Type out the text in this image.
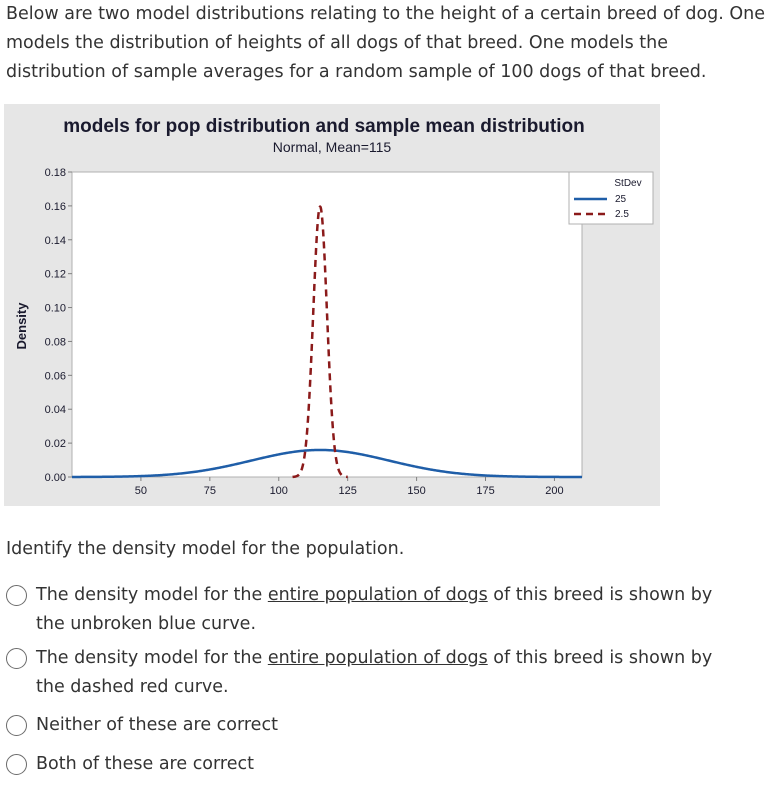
Below are two model distributions relating to the height of a certain breed of dog. One models the distribution of heights of all dogs of that breed. One models the distribution of sample averages for a random sample of 100 dogs of that breed.
models for pop distribution and sample mean distribution
Normal, Mean=115
Density
0.00
0.02
0.04
0.06
0.08
0.10
0.12
0.14
0.16
0.18
50	75	100	125	150	175	200
StDev
25
2.5
Identify the density model for the population.
The density model for the entire population of dogs of this breed is shown by the unbroken blue curve.
The density model for the entire population of dogs of this breed is shown by the dashed red curve.
Neither of these are correct
Both of these are correct
